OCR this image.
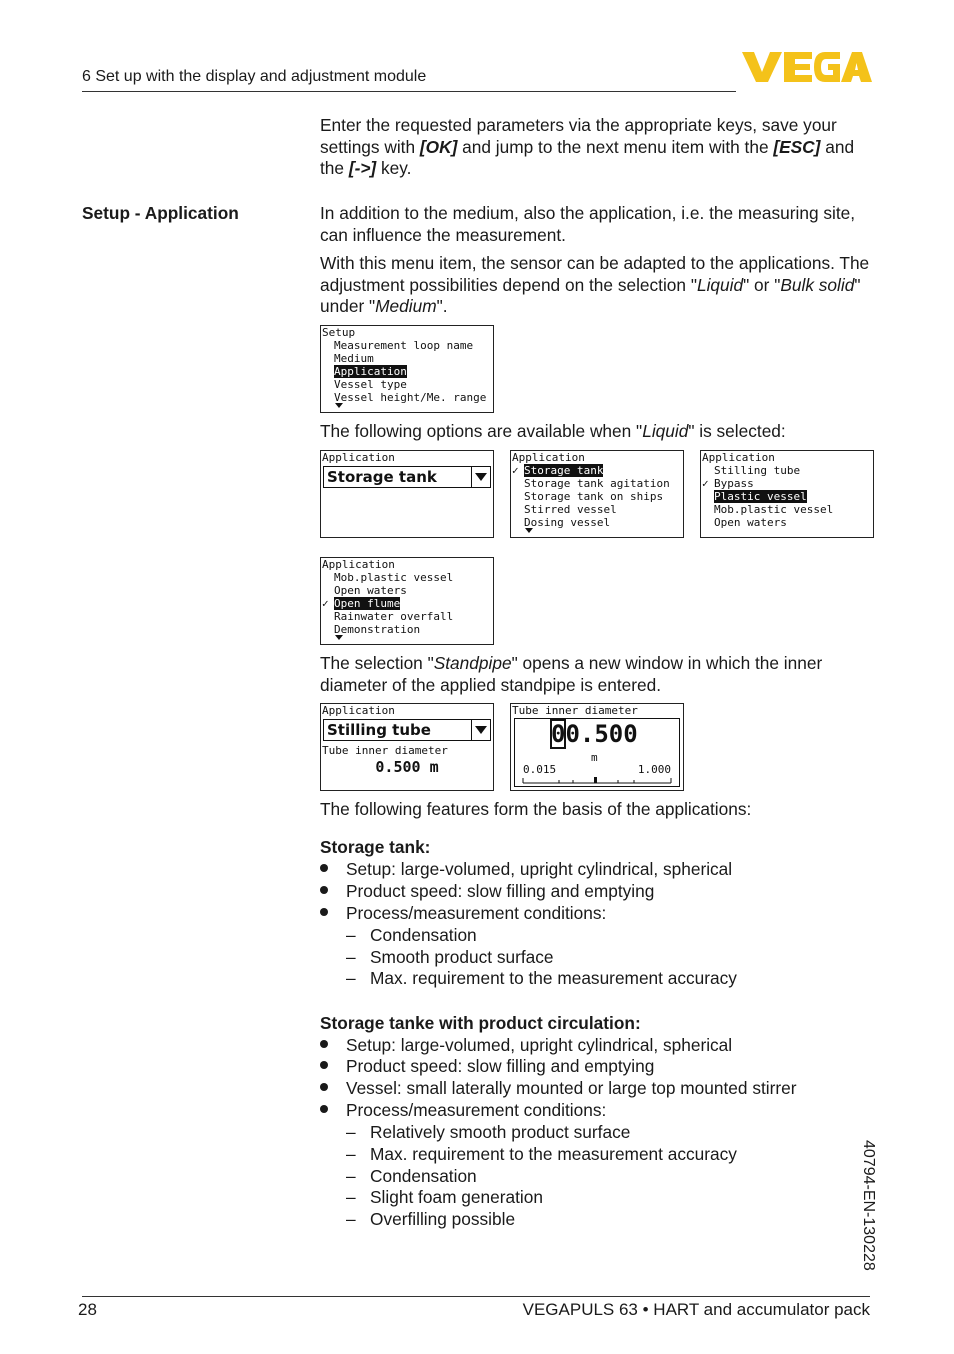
6 Set up with the display and adjustment module
Enter the requested parameters via the appropriate keys, save your settings with [OK] and jump to the next menu item with the [ESC] and the [->] key.
Setup - Application	In addition to the medium, also the application, i.e. the measuring site, can influence the measurement.
With this menu item, the sensor can be adapted to the applications. The adjustment possibilities depend on the selection "Liquid" or "Bulk solid" under "Medium".
Setup
Measurement loop name
Medium
Application
Vessel type
Vessel height/Me. range
The following options are available when "Liquid" is selected:
Application
Storage tank
Application
✓ Storage tank
Storage tank agitation
Storage tank on ships
Stirred vessel
Dosing vessel
Application
Stilling tube
✓ Bypass
Plastic vessel
Mob.plastic vessel
Open waters
Application
Mob.plastic vessel
Open waters
✓ Open flume
Rainwater overfall
Demonstration
The selection "Standpipe" opens a new window in which the inner diameter of the applied standpipe is entered.
Application
Stilling tube
Tube inner diameter
0.500 m
Tube inner diameter
00.500
m
0.015	1.000
The following features form the basis of the applications:
Storage tank:
Setup: large-volumed, upright cylindrical, spherical
Product speed: slow filling and emptying
Process/measurement conditions:
–   Condensation
–   Smooth product surface
–   Max. requirement to the measurement accuracy
Storage tanke with product circulation:
Setup: large-volumed, upright cylindrical, spherical
Product speed: slow filling and emptying
Vessel: small laterally mounted or large top mounted stirrer
Process/measurement conditions:
–   Relatively smooth product surface
–   Max. requirement to the measurement accuracy
–   Condensation
–   Slight foam generation
–   Overfilling possible	40794-EN-130228
28	VEGAPULS 63 • HART and accumulator pack
